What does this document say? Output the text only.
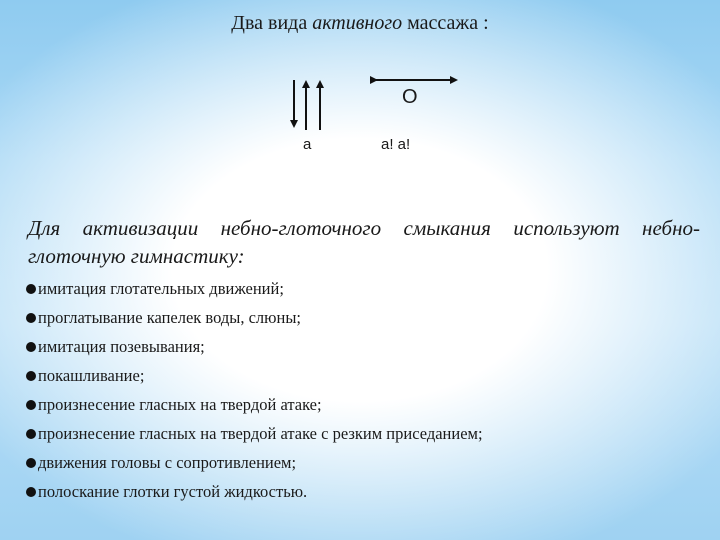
Два вида активного массажа :
О
а	а! а!
Для активизации небно-глоточного смыкания используют небно-глоточную гимнастику:
имитация глотательных движений;
проглатывание капелек воды, слюны;
имитация позевывания;
покашливание;
произнесение гласных на твердой атаке;
произнесение гласных на твердой атаке с резким приседанием;
движения головы с сопротивлением;
полоскание глотки густой жидкостью.
